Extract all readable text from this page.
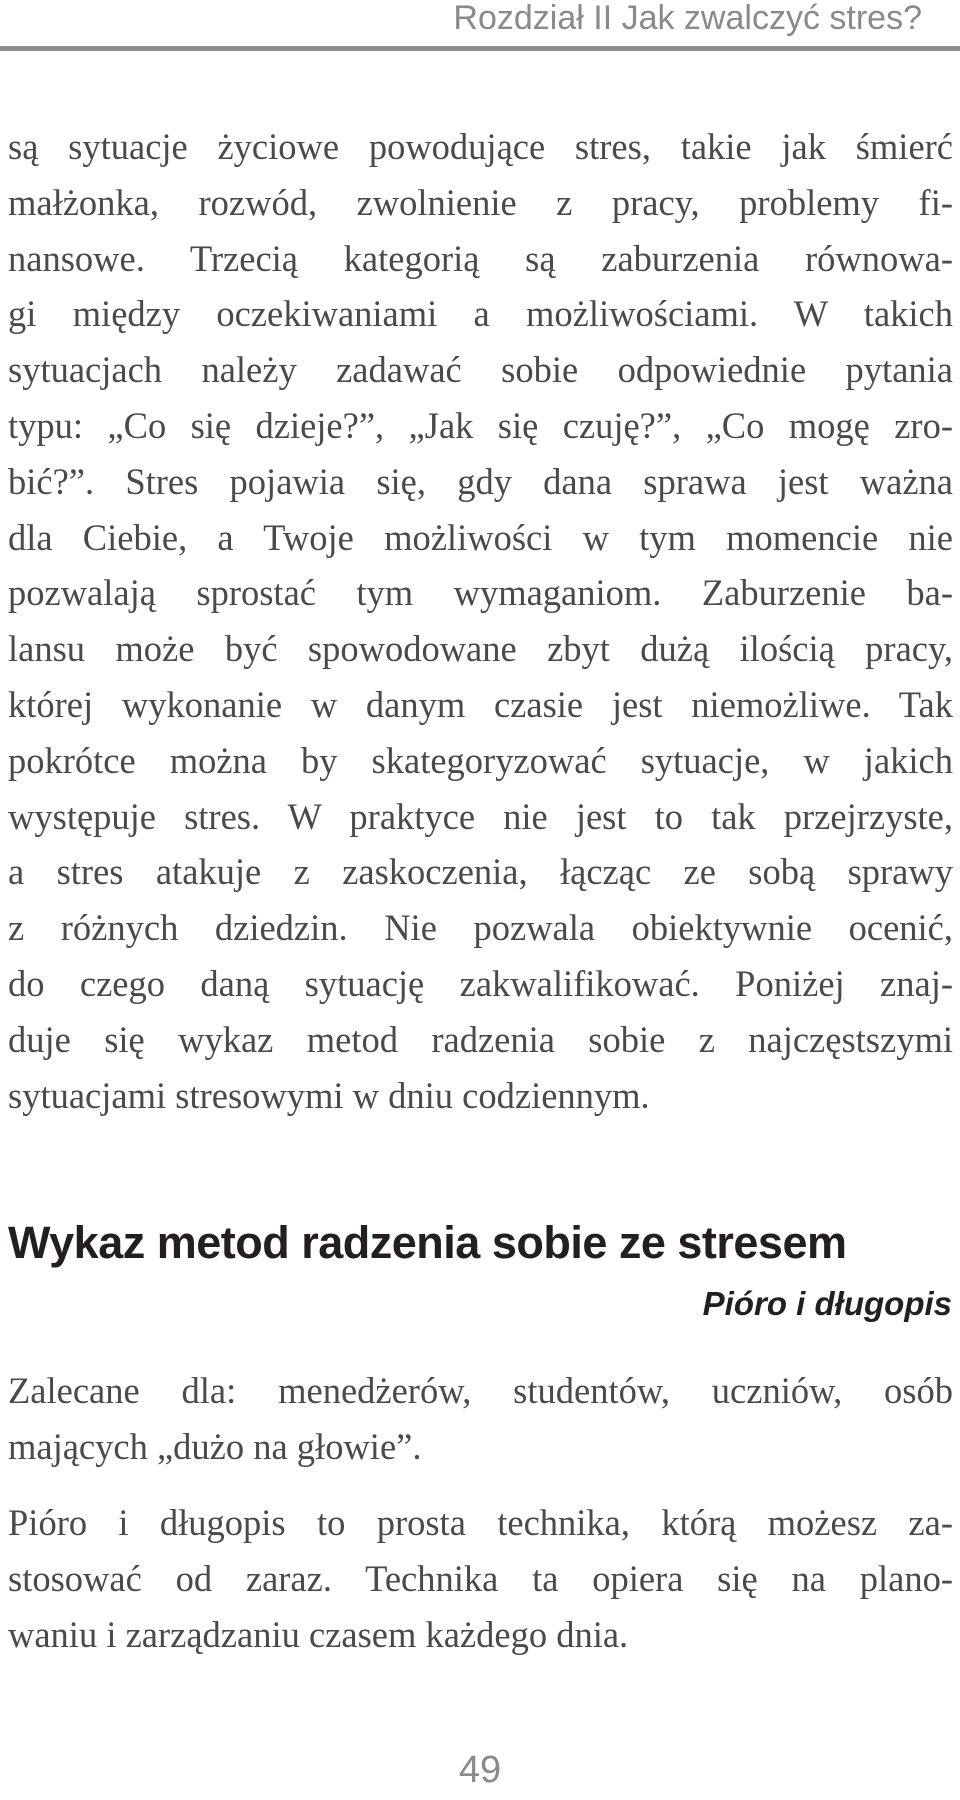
Rozdział II Jak zwalczyć stres?
są sytuacje życiowe powodujące stres, takie jak śmierć
małżonka, rozwód, zwolnienie z pracy, problemy fi-
nansowe. Trzecią kategorią są zaburzenia równowa-
gi między oczekiwaniami a możliwościami. W takich
sytuacjach należy zadawać sobie odpowiednie pytania
typu: „Co się dzieje?”, „Jak się czuję?”, „Co mogę zro-
bić?”. Stres pojawia się, gdy dana sprawa jest ważna
dla Ciebie, a Twoje możliwości w tym momencie nie
pozwalają sprostać tym wymaganiom. Zaburzenie ba-
lansu może być spowodowane zbyt dużą ilością pracy,
której wykonanie w danym czasie jest niemożliwe. Tak
pokrótce można by skategoryzować sytuacje, w jakich
występuje stres. W praktyce nie jest to tak przejrzyste,
a stres atakuje z zaskoczenia, łącząc ze sobą sprawy
z różnych dziedzin. Nie pozwala obiektywnie ocenić,
do czego daną sytuację zakwalifikować. Poniżej znaj-
duje się wykaz metod radzenia sobie z najczęstszymi
sytuacjami stresowymi w dniu codziennym.
Wykaz metod radzenia sobie ze stresem
Pióro i długopis
Zalecane dla: menedżerów, studentów, uczniów, osób
mających „dużo na głowie”.
Pióro i długopis to prosta technika, którą możesz za-
stosować od zaraz. Technika ta opiera się na plano-
waniu i zarządzaniu czasem każdego dnia.
49
